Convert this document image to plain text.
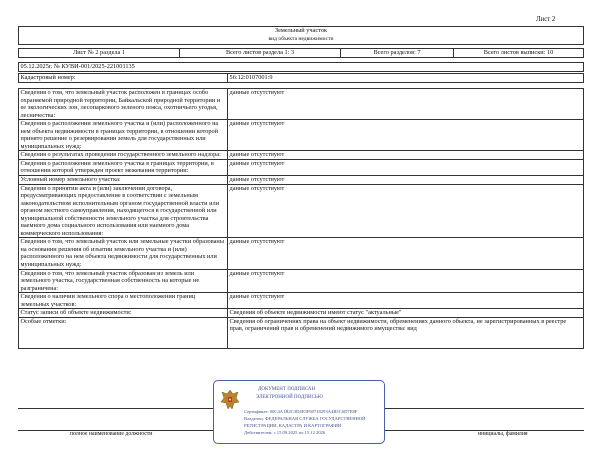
Лист 2
Земельный участок
вид объекта недвижимости
Лист № 2 раздела 1	Всего листов раздела 1: 3	Всего разделов: 7	Всего листов выписки: 10
05.12.2025г. № КУВИ-001/2025-221001135
Кадастровый номер:	56:12:0107001:9
Сведения о том, что земельный участок расположен в границах особо охраняемой природной территории, Байкальской природной территории и ее экологических зон, лесопаркового зеленого пояса, охотничьего угодья, лесничества:	данные отсутствуют
Сведения о расположении земельного участка и (или) расположенного на нем объекта недвижимости в границах территории, в отношении которой принято решение о резервировании земель для государственных или муниципальных нужд:	данные отсутствуют
Сведения о результатах проведения государственного земельного надзора:	данные отсутствуют
Сведения о расположении земельного участка в границах территории, в отношении которой утвержден проект межевания территории:	данные отсутствуют
Условный номер земельного участка:	данные отсутствуют
Сведения о принятии акта и (или) заключении договора, предусматривающих предоставление в соответствии с земельным законодательством исполнительным органом государственной власти или органом местного самоуправления, находящегося в государственной или муниципальной собственности земельного участка для строительства наемного дома социального использования или наемного дома коммерческого использования:	данные отсутствуют
Сведения о том, что земельный участок или земельные участки образованы на основании решения об изъятии земельного участка и (или) расположенного на нем объекта недвижимости для государственных или муниципальных нужд:	данные отсутствуют
Сведения о том, что земельный участок образован из земель или земельного участка, государственная собственность на которые не разграничена:	данные отсутствуют
Сведения о наличии земельного спора о местоположении границ земельных участков:	данные отсутствуют
Статус записи об объекте недвижимости:	Сведения об объекте недвижимости имеют статус "актуальные"
Особые отметки:	Сведения об ограничениях права на объект недвижимости, обременениях данного объекта, не зарегистрированных в реестре прав, ограничений прав и обременений недвижимого имущества: вид
полное наименование должности	инициалы, фамилия
ДОКУМЕНТ ПОДПИСАН
ЭЛЕКТРОННОЙ ПОДПИСЬЮ
Сертификат: 00C4A1B2C3D4E5F60718293A4B5C6D7E8F
Владелец: ФЕДЕРАЛЬНАЯ СЛУЖБА ГОСУДАРСТВЕННОЙ
РЕГИСТРАЦИИ, КАДАСТРА И КАРТОГРАФИИ
Действителен: с 15.09.2025 по 15.12.2026
